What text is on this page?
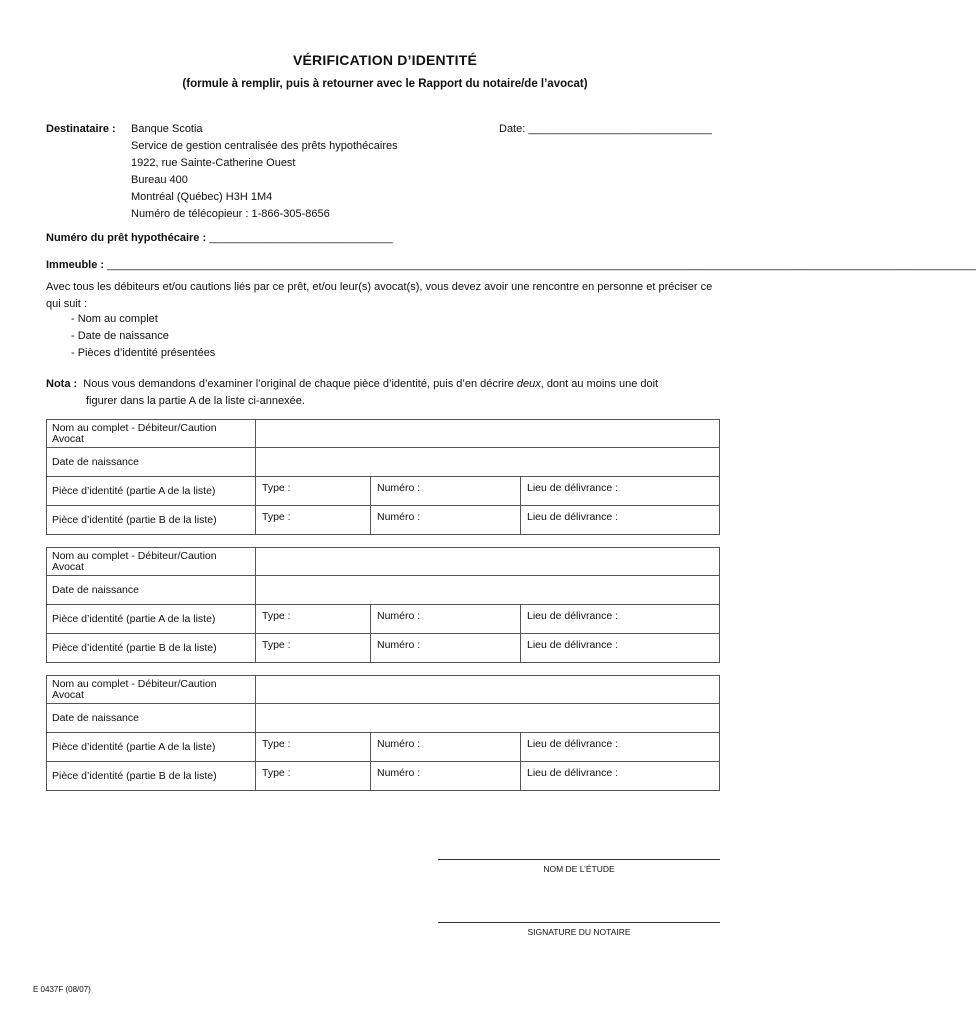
VÉRIFICATION D’IDENTITÉ
(formule à remplir, puis à retourner avec le Rapport du notaire/de l’avocat)
Destinataire : Banque Scotia
Service de gestion centralisée des prêts hypothécaires
1922, rue Sainte-Catherine Ouest
Bureau 400
Montréal (Québec) H3H 1M4
Numéro de télécopieur : 1-866-305-8656
Date: ______________________________
Numéro du prêt hypothécaire : ______________________________
Immeuble : ______________________________________________________________________________________________________________________________________________
Avec tous les débiteurs et/ou cautions liés par ce prêt, et/ou leur(s) avocat(s), vous devez avoir une rencontre en personne et préciser ce qui suit :
- Nom au complet
- Date de naissance
- Pièces d’identité présentées
Nota : Nous vous demandons d’examiner l’original de chaque pièce d’identité, puis d’en décrire deux, dont au moins une doit
figurer dans la partie A de la liste ci-annexée.
Nom au complet - Débiteur/Caution Avocat			
Date de naissance			
Pièce d’identité (partie A de la liste)	Type :	Numéro :	Lieu de délivrance :
Pièce d’identité (partie B de la liste)	Type :	Numéro :	Lieu de délivrance :
Nom au complet - Débiteur/Caution Avocat			
Date de naissance			
Pièce d’identité (partie A de la liste)	Type :	Numéro :	Lieu de délivrance :
Pièce d’identité (partie B de la liste)	Type :	Numéro :	Lieu de délivrance :
Nom au complet - Débiteur/Caution Avocat			
Date de naissance			
Pièce d’identité (partie A de la liste)	Type :	Numéro :	Lieu de délivrance :
Pièce d’identité (partie B de la liste)	Type :	Numéro :	Lieu de délivrance :
NOM DE L’ÉTUDE
SIGNATURE DU NOTAIRE
E 0437F (08/07)
